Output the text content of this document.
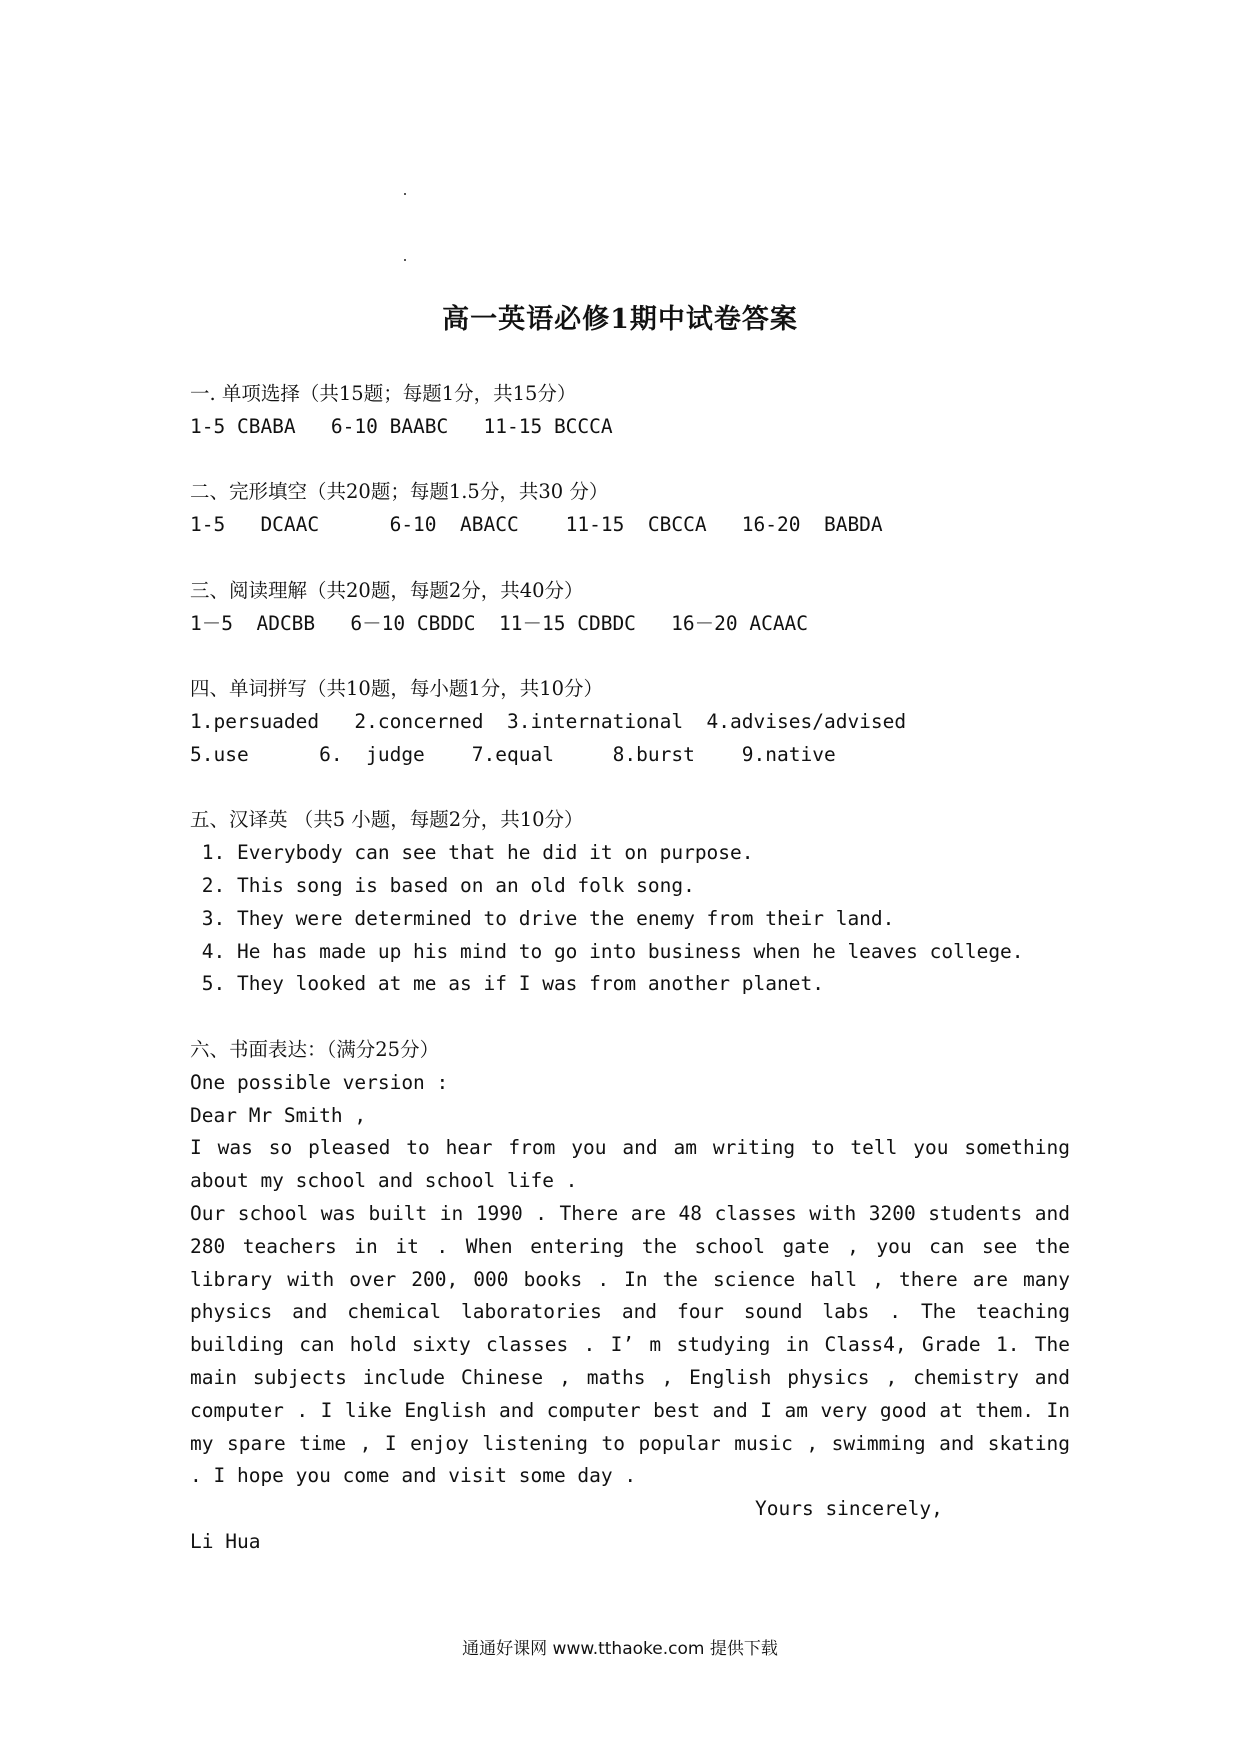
高一英语必修1期中试卷答案
一. 单项选择（共15题；每题1分，共15分）
1-5 CBABA   6-10 BAABC   11-15 BCCCA
二、完形填空（共20题；每题1.5分，共30 分）
1-5   DCAAC      6-10  ABACC    11-15  CBCCA   16-20  BABDA
三、阅读理解（共20题，每题2分，共40分）
1－5  ADCBB   6－10 CBDDC  11－15 CDBDC   16－20 ACAAC
四、单词拼写（共10题，每小题1分，共10分）
1.persuaded   2.concerned  3.international  4.advises/advised
5.use      6.  judge    7.equal     8.burst    9.native
五、汉译英 （共5 小题，每题2分，共10分）
1. Everybody can see that he did it on purpose.
2. This song is based on an old folk song.
3. They were determined to drive the enemy from their land.
4. He has made up his mind to go into business when he leaves college.
5. They looked at me as if I was from another planet.
六、书面表达：（满分25分）
One possible version :
Dear Mr Smith ,

I was so pleased to hear from you and am writing to tell you something about my school and school life .

Our school was built in 1990 . There are 48 classes with 3200 students and 280 teachers in it . When entering the school gate , you can see the library with over 200, 000 books . In the science hall , there are many physics and chemical laboratories and four sound labs . The teaching building can hold sixty classes . I’ m studying in Class4, Grade 1. The main subjects include Chinese , maths , English physics , chemistry and computer . I like English and computer best and I am very good at them. In my spare time , I enjoy listening to popular music , swimming and skating . I hope you come and visit some day .

Yours sincerely,
Li Hua
通通好课网 www.tthaoke.com 提供下载
